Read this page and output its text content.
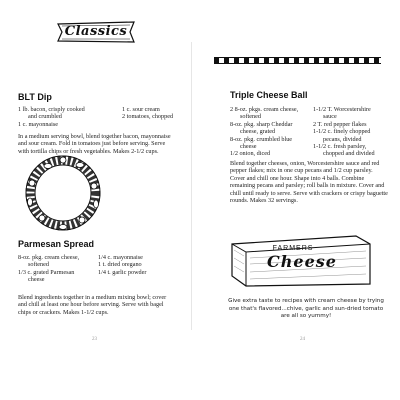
Classics
BLT Dip
1 lb. bacon, crisply cooked
and crumbled
1 c. mayonnaise
1 c. sour cream
2 tomatoes, chopped
In a medium serving bowl, blend together bacon, mayonnaise
and sour cream. Fold in tomatoes just before serving. Serve
with tortilla chips or fresh vegetables. Makes 2-1/2 cups.
Parmesan Spread
8-oz. pkg. cream cheese,
softened
1/3 c. grated Parmesan
cheese
1/4 c. mayonnaise
1 t. dried oregano
1/4 t. garlic powder
Blend ingredients together in a medium mixing bowl; cover
and chill at least one hour before serving. Serve with bagel
chips or crackers. Makes 1-1/2 cups.
23
Triple Cheese Ball
2 8-oz. pkgs. cream cheese,
softened
8-oz. pkg. sharp Cheddar
cheese, grated
8-oz. pkg. crumbled blue
cheese
1/2 onion, diced
1-1/2 T. Worcestershire
sauce
2 T. red pepper flakes
1-1/2 c. finely chopped
pecans, divided
1-1/2 c. fresh parsley,
chopped and divided
Blend together cheeses, onion, Worcestershire sauce and red
pepper flakes; mix in one cup pecans and 1/2 cup parsley.
Cover and chill one hour. Shape into 4 balls. Combine
remaining pecans and parsley; roll balls in mixture. Cover and
chill until ready to serve. Serve with crackers or crispy baguette
rounds. Makes 32 servings.
FARMERS
Cheese
Give extra taste to recipes with cream cheese by trying
one that's flavored...chive, garlic and sun-dried tomato
are all so yummy!
24
